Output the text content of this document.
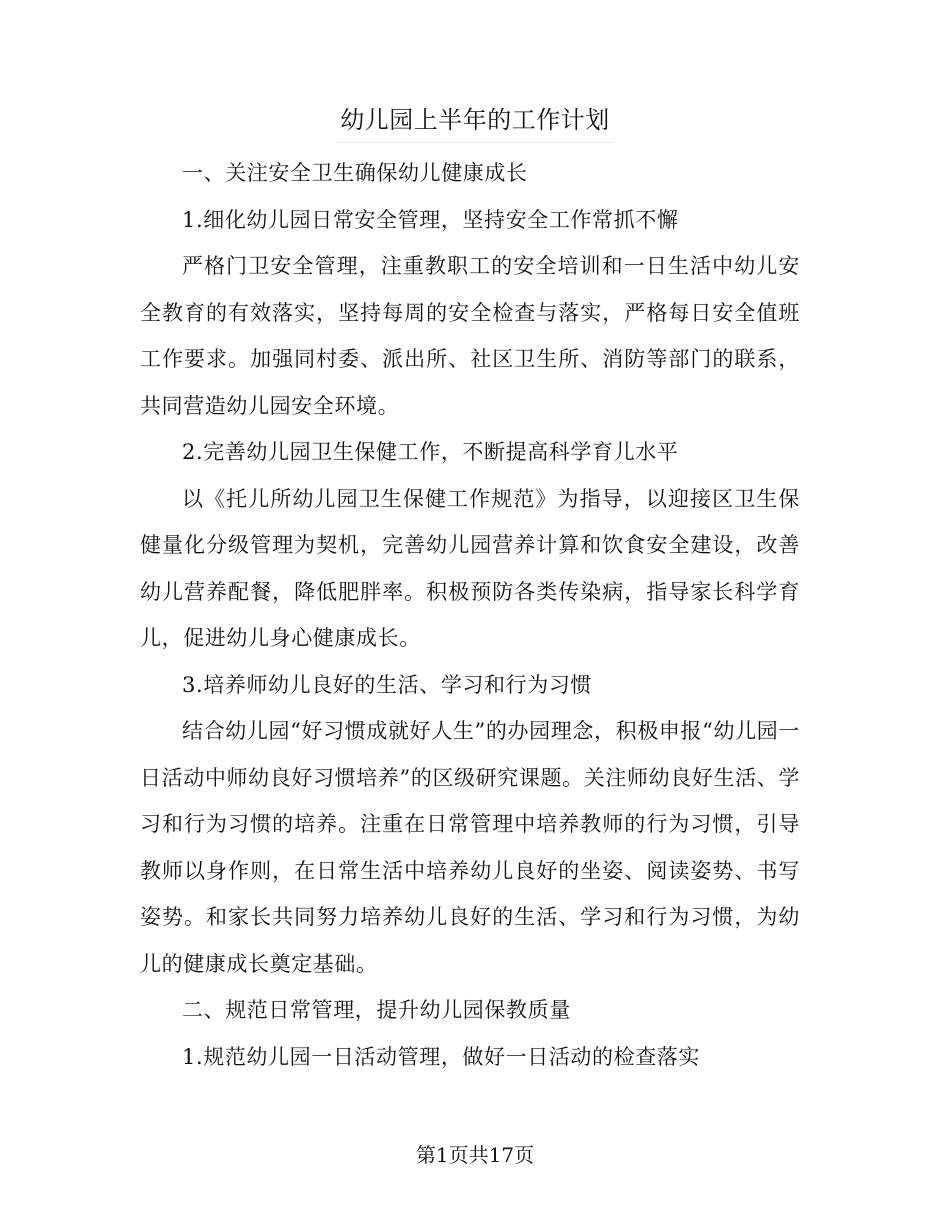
幼儿园上半年的工作计划

一、关注安全卫生确保幼儿健康成长

1.细化幼儿园日常安全管理，坚持安全工作常抓不懈

严格门卫安全管理，注重教职工的安全培训和一日生活中幼儿安全教育的有效落实，坚持每周的安全检查与落实，严格每日安全值班工作要求。加强同村委、派出所、社区卫生所、消防等部门的联系，共同营造幼儿园安全环境。

2.完善幼儿园卫生保健工作，不断提高科学育儿水平

以《托儿所幼儿园卫生保健工作规范》为指导，以迎接区卫生保健量化分级管理为契机，完善幼儿园营养计算和饮食安全建设，改善幼儿营养配餐，降低肥胖率。积极预防各类传染病，指导家长科学育儿，促进幼儿身心健康成长。

3.培养师幼儿良好的生活、学习和行为习惯

结合幼儿园“好习惯成就好人生”的办园理念，积极申报“幼儿园一日活动中师幼良好习惯培养”的区级研究课题。关注师幼良好生活、学习和行为习惯的培养。注重在日常管理中培养教师的行为习惯，引导教师以身作则，在日常生活中培养幼儿良好的坐姿、阅读姿势、书写姿势。和家长共同努力培养幼儿良好的生活、学习和行为习惯，为幼儿的健康成长奠定基础。

二、规范日常管理，提升幼儿园保教质量

1.规范幼儿园一日活动管理，做好一日活动的检查落实

第1页共17页
